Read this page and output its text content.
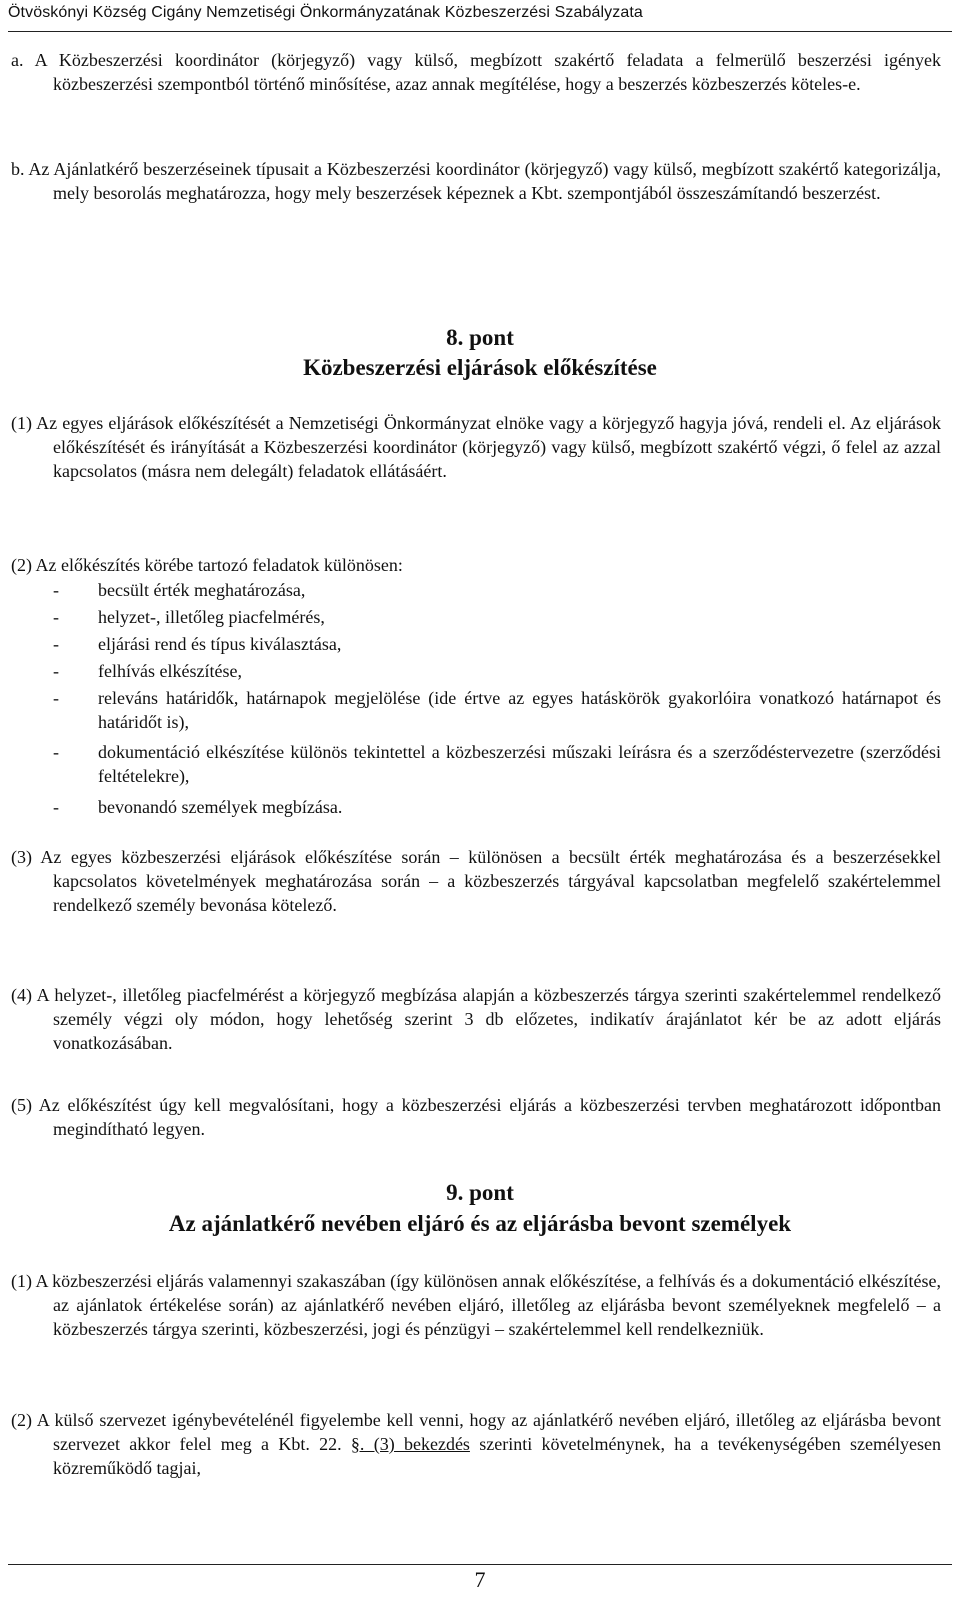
Ötvöskónyi Község Cigány Nemzetiségi Önkormányzatának Közbeszerzési Szabályzata

a. A Közbeszerzési koordinátor (körjegyző) vagy külső, megbízott szakértő feladata a felmerülő beszerzési igények közbeszerzési szempontból történő minősítése, azaz annak megítélése, hogy a beszerzés közbeszerzés köteles-e.

b. Az Ajánlatkérő beszerzéseinek típusait a Közbeszerzési koordinátor (körjegyző) vagy külső, megbízott szakértő kategorizálja, mely besorolás meghatározza, hogy mely beszerzések képeznek a Kbt. szempontjából összeszámítandó beszerzést.

8. pont
Közbeszerzési eljárások előkészítése

(1) Az egyes eljárások előkészítését a Nemzetiségi Önkormányzat elnöke vagy a körjegyző hagyja jóvá, rendeli el. Az eljárások előkészítését és irányítását a Közbeszerzési koordinátor (körjegyző) vagy külső, megbízott szakértő végzi, ő felel az azzal kapcsolatos (másra nem delegált) feladatok ellátásáért.

(2) Az előkészítés körébe tartozó feladatok különösen:

- becsült érték meghatározása,
- helyzet-, illetőleg piacfelmérés,
- eljárási rend és típus kiválasztása,
- felhívás elkészítése,
- releváns határidők, határnapok megjelölése (ide értve az egyes hatáskörök gyakorlóira vonatkozó határnapot és határidőt is),
- dokumentáció elkészítése különös tekintettel a közbeszerzési műszaki leírásra és a szerződéstervezetre (szerződési feltételekre),
- bevonandó személyek megbízása.

(3) Az egyes közbeszerzési eljárások előkészítése során – különösen a becsült érték meghatározása és a beszerzésekkel kapcsolatos követelmények meghatározása során – a közbeszerzés tárgyával kapcsolatban megfelelő szakértelemmel rendelkező személy bevonása kötelező.

(4) A helyzet-, illetőleg piacfelmérést a körjegyző megbízása alapján a közbeszerzés tárgya szerinti szakértelemmel rendelkező személy végzi oly módon, hogy lehetőség szerint 3 db előzetes, indikatív árajánlatot kér be az adott eljárás vonatkozásában.

(5) Az előkészítést úgy kell megvalósítani, hogy a közbeszerzési eljárás a közbeszerzési tervben meghatározott időpontban megindítható legyen.

9. pont
Az ajánlatkérő nevében eljáró és az eljárásba bevont személyek

(1) A közbeszerzési eljárás valamennyi szakaszában (így különösen annak előkészítése, a felhívás és a dokumentáció elkészítése, az ajánlatok értékelése során) az ajánlatkérő nevében eljáró, illetőleg az eljárásba bevont személyeknek megfelelő – a közbeszerzés tárgya szerinti, közbeszerzési, jogi és pénzügyi – szakértelemmel kell rendelkezniük.

(2) A külső szervezet igénybevételénél figyelembe kell venni, hogy az ajánlatkérő nevében eljáró, illetőleg az eljárásba bevont szervezet akkor felel meg a Kbt. 22. §. (3) bekezdés szerinti követelménynek, ha a tevékenységében személyesen közreműködő tagjai,

7
